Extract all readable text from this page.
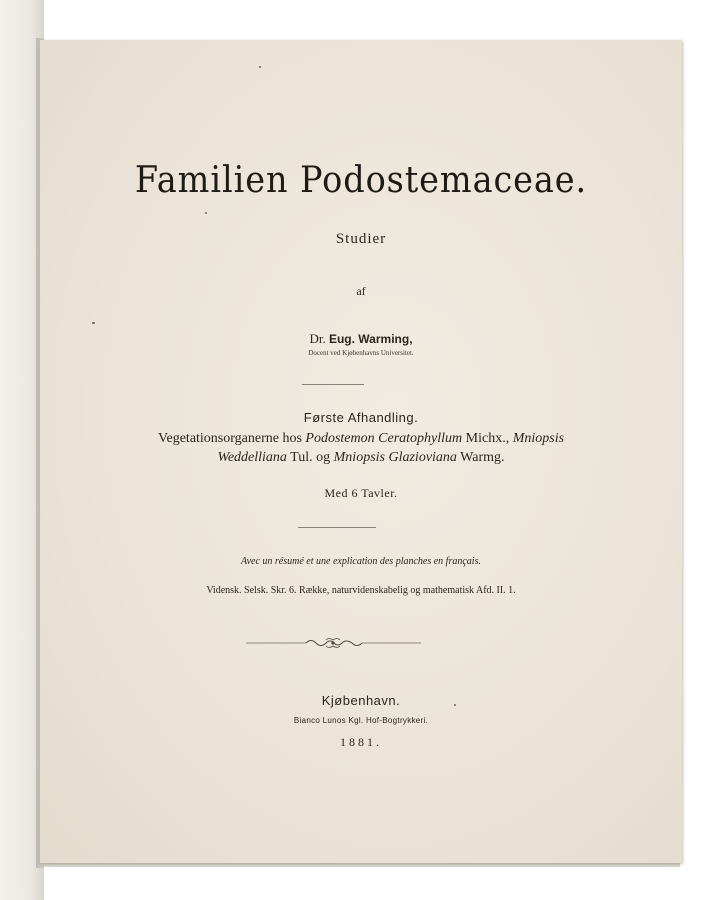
Familien Podostemaceae.
Studier
af
Dr. Eug. Warming,
Docent ved Kjøbenhavns Universitet.
Første Afhandling.
Vegetationsorganerne hos Podostemon Ceratophyllum Michx., Mniopsis
Weddelliana Tul. og Mniopsis Glazioviana Warmg.
Med 6 Tavler.
Avec un résumé et une explication des planches en français.
Vidensk. Selsk. Skr. 6. Række, naturvidenskabelig og mathematisk Afd. II. 1.
Kjøbenhavn.
Bianco Lunos Kgl. Hof-Bogtrykkeri.
1881.
